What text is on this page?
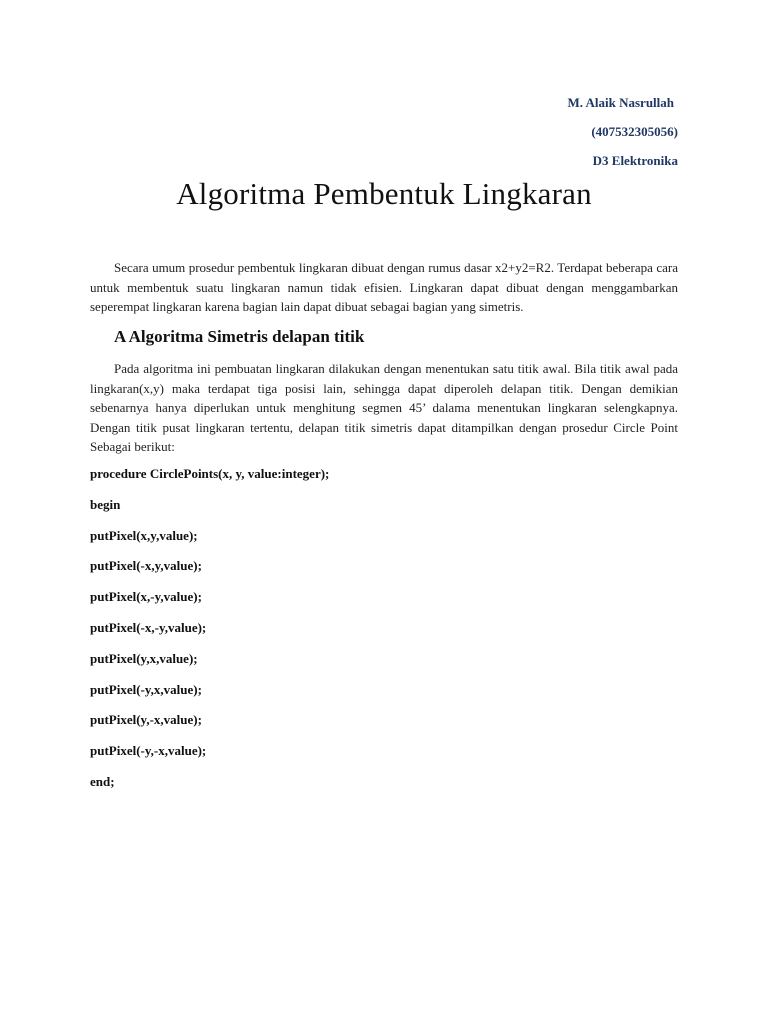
M. Alaik Nasrullah
(407532305056)
D3 Elektronika
Algoritma Pembentuk Lingkaran

Secara umum prosedur pembentuk lingkaran dibuat dengan rumus dasar x2+y2=R2. Terdapat beberapa cara untuk membentuk suatu lingkaran namun tidak efisien. Lingkaran dapat dibuat dengan menggambarkan seperempat lingkaran karena bagian lain dapat dibuat sebagai bagian yang simetris.

A Algoritma Simetris delapan titik

Pada algoritma ini pembuatan lingkaran dilakukan dengan menentukan satu titik awal. Bila titik awal pada lingkaran(x,y) maka terdapat tiga posisi lain, sehingga dapat diperoleh delapan titik. Dengan demikian sebenarnya hanya diperlukan untuk menghitung segmen 45’ dalama menentukan lingkaran selengkapnya. Dengan titik pusat lingkaran tertentu, delapan titik simetris dapat ditampilkan dengan prosedur Circle Point Sebagai berikut:

procedure CirclePoints(x, y, value:integer);
begin
putPixel(x,y,value);
putPixel(-x,y,value);
putPixel(x,-y,value);
putPixel(-x,-y,value);
putPixel(y,x,value);
putPixel(-y,x,value);
putPixel(y,-x,value);
putPixel(-y,-x,value);
end;
